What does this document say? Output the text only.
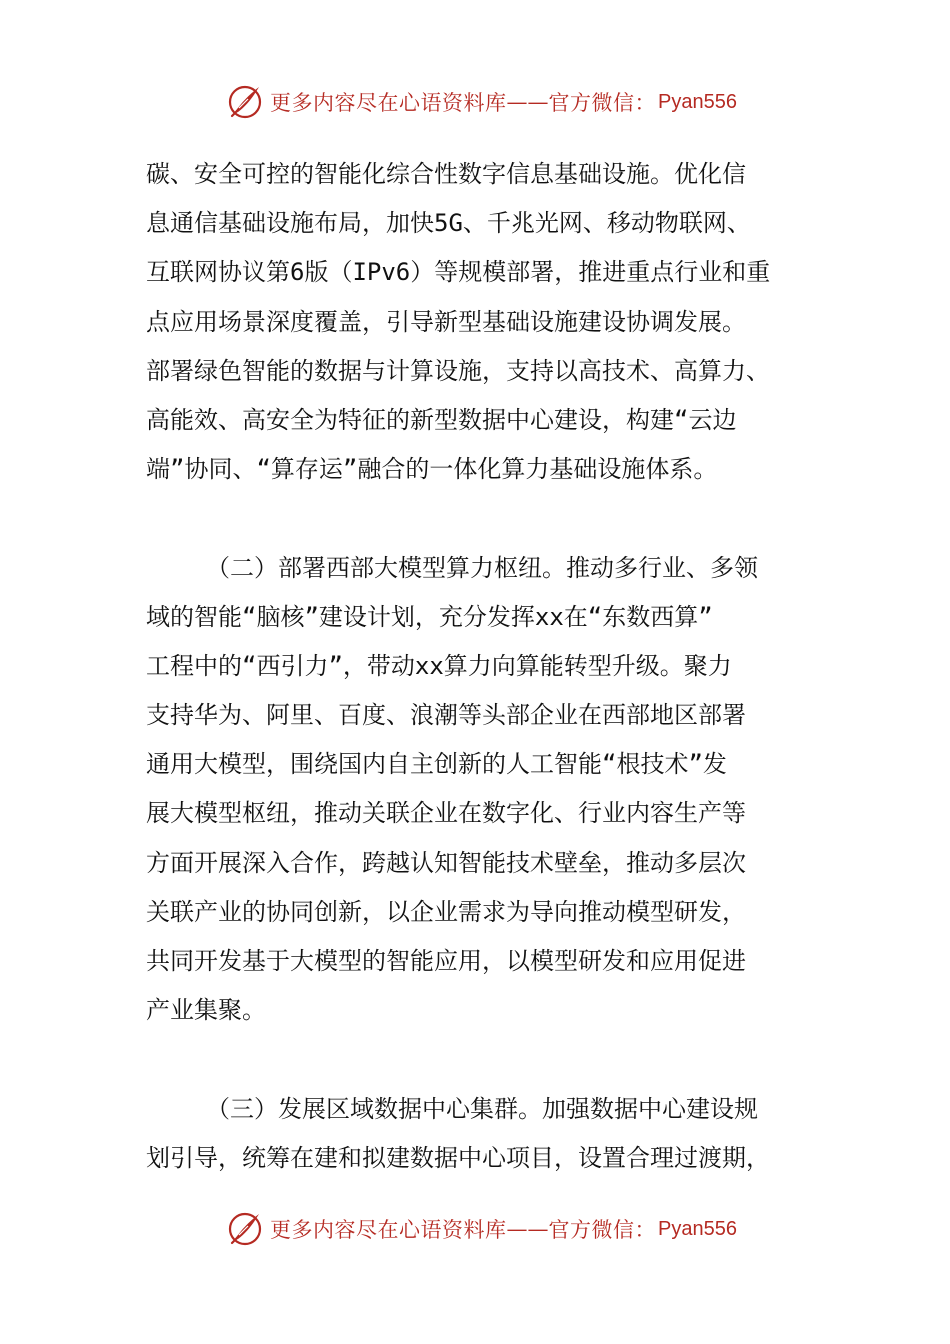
更多内容尽在心语资料库 —— 官方微信： Pyan556
碳、安全可控的智能化综合性数字信息基础设施。优化信
息通信基础设施布局，加快5G、千兆光网、移动物联网、
互联网协议第6版（IPv6）等规模部署，推进重点行业和重
点应用场景深度覆盖，引导新型基础设施建设协调发展。
部署绿色智能的数据与计算设施，支持以高技术、高算力、
高能效、高安全为特征的新型数据中心建设，构建“云边
端”协同、“算存运”融合的一体化算力基础设施体系。
（二）部署西部大模型算力枢纽。推动多行业、多领
域的智能“脑核”建设计划，充分发挥xx在“东数西算”
工程中的“西引力”，带动xx算力向算能转型升级。聚力
支持华为、阿里、百度、浪潮等头部企业在西部地区部署
通用大模型，围绕国内自主创新的人工智能“根技术”发
展大模型枢纽，推动关联企业在数字化、行业内容生产等
方面开展深入合作，跨越认知智能技术壁垒，推动多层次
关联产业的协同创新，以企业需求为导向推动模型研发，
共同开发基于大模型的智能应用，以模型研发和应用促进
产业集聚。
（三）发展区域数据中心集群。加强数据中心建设规
划引导，统筹在建和拟建数据中心项目，设置合理过渡期，
更多内容尽在心语资料库 —— 官方微信： Pyan556
